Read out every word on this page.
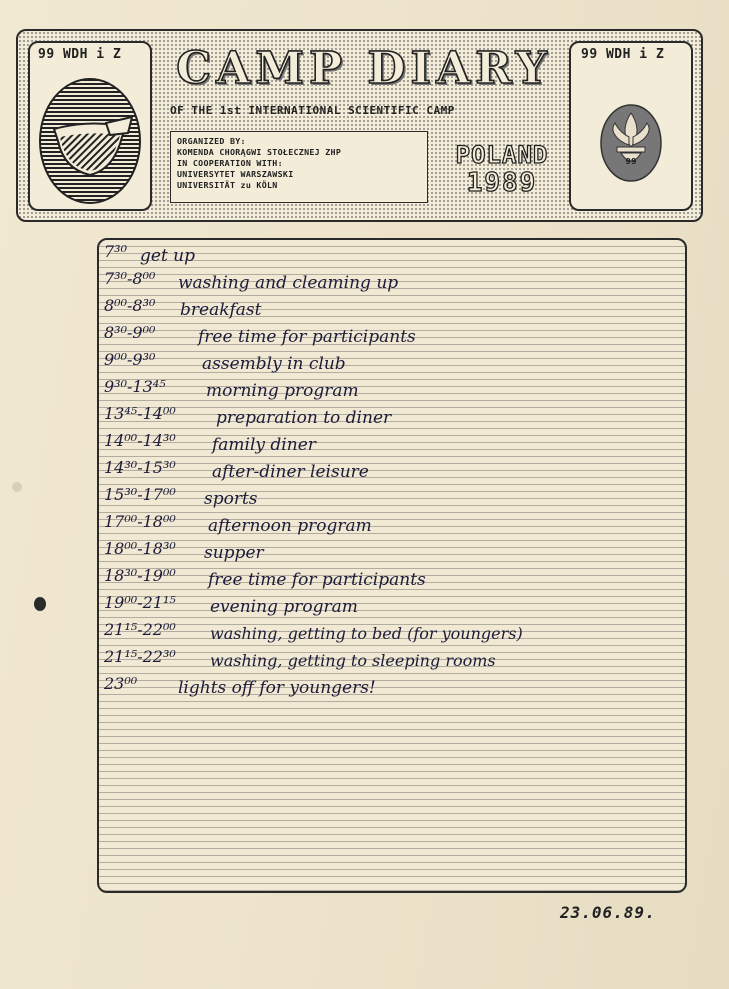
99 WDH i Z CAMP DIARY
OF THE 1st INTERNATIONAL SCIENTIFIC CAMP
ORGANIZED BY:
KOMENDA CHORĄGWI STOŁECZNEJ ZHP
IN COOPERATION WITH:
UNIVERSYTET WARSZAWSKI
UNIVERSITÄT zu KÖLN
POLAND
1989
99 WDH i Z
99
7³⁰ get up
7³⁰-8⁰⁰ washing and cleaming up
8⁰⁰-8³⁰ breakfast
8³⁰-9⁰⁰	free time for participants
9⁰⁰-9³⁰	assembly in club
9³⁰-13⁴⁵ morning program
13⁴⁵-14⁰⁰ preparation to diner
14⁰⁰-14³⁰ family diner
14³⁰-15³⁰ after-diner leisure
15³⁰-17⁰⁰ sports
17⁰⁰-18⁰⁰ afternoon program
18⁰⁰-18³⁰ supper
18³⁰-19⁰⁰ free time for participants
19⁰⁰-21¹⁵ evening program
21¹⁵-22⁰⁰ washing, getting to bed (for youngers)
21¹⁵-22³⁰ washing, getting to sleeping rooms
23⁰⁰ lights off for youngers!
23.06.89.
